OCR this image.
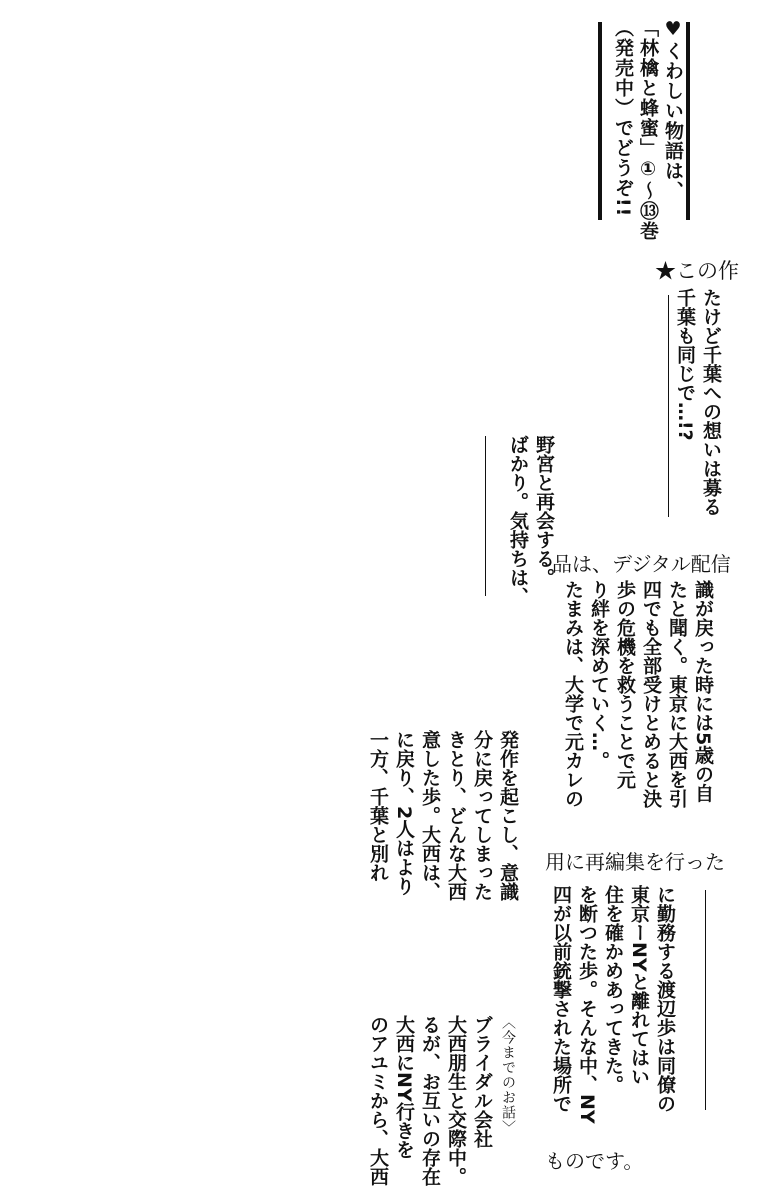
♥くわしい物語は、
「林檎と蜂蜜」①〜⑬巻
（発売中）でどうぞ!!
★この作
品は、デジタル配信
用に再編集を行った
ものです。
たけど千葉への想いは募る
千葉も同じで…!?
野宮と再会する。
ばかり。気持ちは、
識が戻った時には5歳の自
たと聞く。東京に大西を引
四でも全部受けとめると決
歩の危機を救うことで元
り絆を深めていく…。
たまみは、大学で元カレの
発作を起こし、意識
分に戻ってしまった
きとり、どんな大西
意した歩。大西は、
に戻り、2人はより
一方、千葉と別れ
に勤務する渡辺歩は同僚の
東京ーNYと離れてはい
住を確かめあってきた。
を断つた歩。そんな中、NY
四が以前銃撃された場所で
〈今までのお話〉
ブライダル会社
大西朋生と交際中。
るが、お互いの存在
大西にNY行きを
のアユミから、大西
